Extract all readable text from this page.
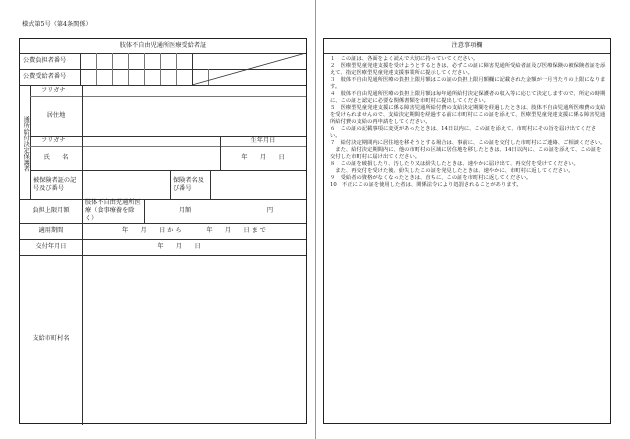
様式第5号（第4条関係）
肢体不自由児通所医療受給者証
公費負担者番号
公費受給者番号
通所給付決定保護者
フリガナ
居住地
フリガナ	生年月日
氏　　名	年　　月　　日
被保険者証の記号及び番号
保険者名及び番号
負担上限月額
肢体不自由児通所医療（食事療養を除く）
月額	円
適用期間	年　　月　　日 か ら　　　　年　　月　　日 ま で
交付年月日	年　　月　　日
支給市町村名
注意事項欄

１　この証は、各面をよく読んで大切に持っていてください。

２　医療型児童発達支援を受けようとするときは、必ずこの証に障害児通所受給者証及び医療保険の被保険者証を添えて、指定医療型児童発達支援事業所に提示してください。

３　肢体不自由児通所医療の負担上限月額はこの証の負担上限月額欄に記載された金額が一月当たりの上限になります。

４　肢体不自由児通所医療の負担上限月額は毎年通所給付決定保護者の収入等に応じて決定しますので、所定の時期に、この証と認定に必要な関係書類を市町村に提出してください。

５　医療型児童発達支援に係る障害児通所給付費の支給決定期間を経過したときは、肢体不自由児通所医療費の支給を受けられませんので、支給決定期間を経過する前に市町村にこの証を添えて、医療型児童発達支援に係る障害児通所給付費の支給の再申請をしてください。

６　この証の記載事項に変更があったときは、14日以内に、この証を添えて、市町村にその旨を届け出てください。

７　給付決定期間内に居住地を移そうとする場合は、事前に、この証を交付した市町村にご連絡、ご相談ください。

　また、給付決定期間内に、他の市町村の区域に居住地を移したときは、14日以内に、この証を添えて、この証を交付した市町村に届け出てください。

８　この証を破損したり、汚したり又は紛失したときは、速やかに届け出て、再交付を受けてください。

　また、再交付を受けた後、紛失したこの証を発見したときは、速やかに、市町村に返してください。

９　受給者の資格がなくなったときは、直ちに、この証を市町村に返してください。

10　不正にこの証を使用した者は、関係法令により処罰されることがあります。
